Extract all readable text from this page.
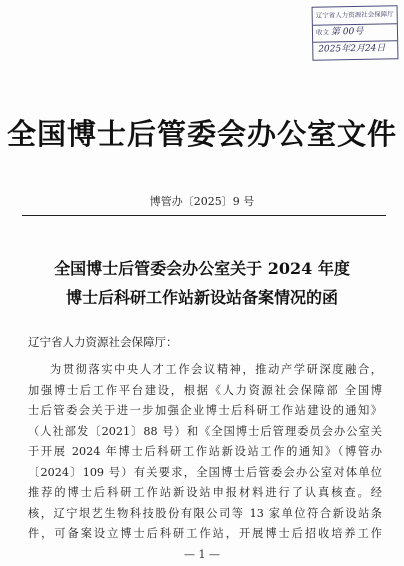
辽宁省人力资源社会保障厅
收文 第 00号
2025年2月24日
全国博士后管委会办公室文件
博管办〔2025〕9 号
全国博士后管委会办公室关于 2024 年度
博士后科研工作站新设站备案情况的函
辽宁省人力资源社会保障厅：
为贯彻落实中央人才工作会议精神，推动产学研深度融合，
加强博士后工作平台建设，根据《人力资源社会保障部 全国博
士后管委会关于进一步加强企业博士后科研工作站建设的通知》
（人社部发〔2021〕88 号）和《全国博士后管理委员会办公室关
于开展 2024 年博士后科研工作站新设站工作的通知》（博管办
〔2024〕109 号）有关要求，全国博士后管委会办公室对体单位
推荐的博士后科研工作站新设站申报材料进行了认真核查。经
核，辽宁垠艺生物科技股份有限公司等 13 家单位符合新设站条
件，可备案设立博士后科研工作站，开展博士后招收培养工作
— 1 —
